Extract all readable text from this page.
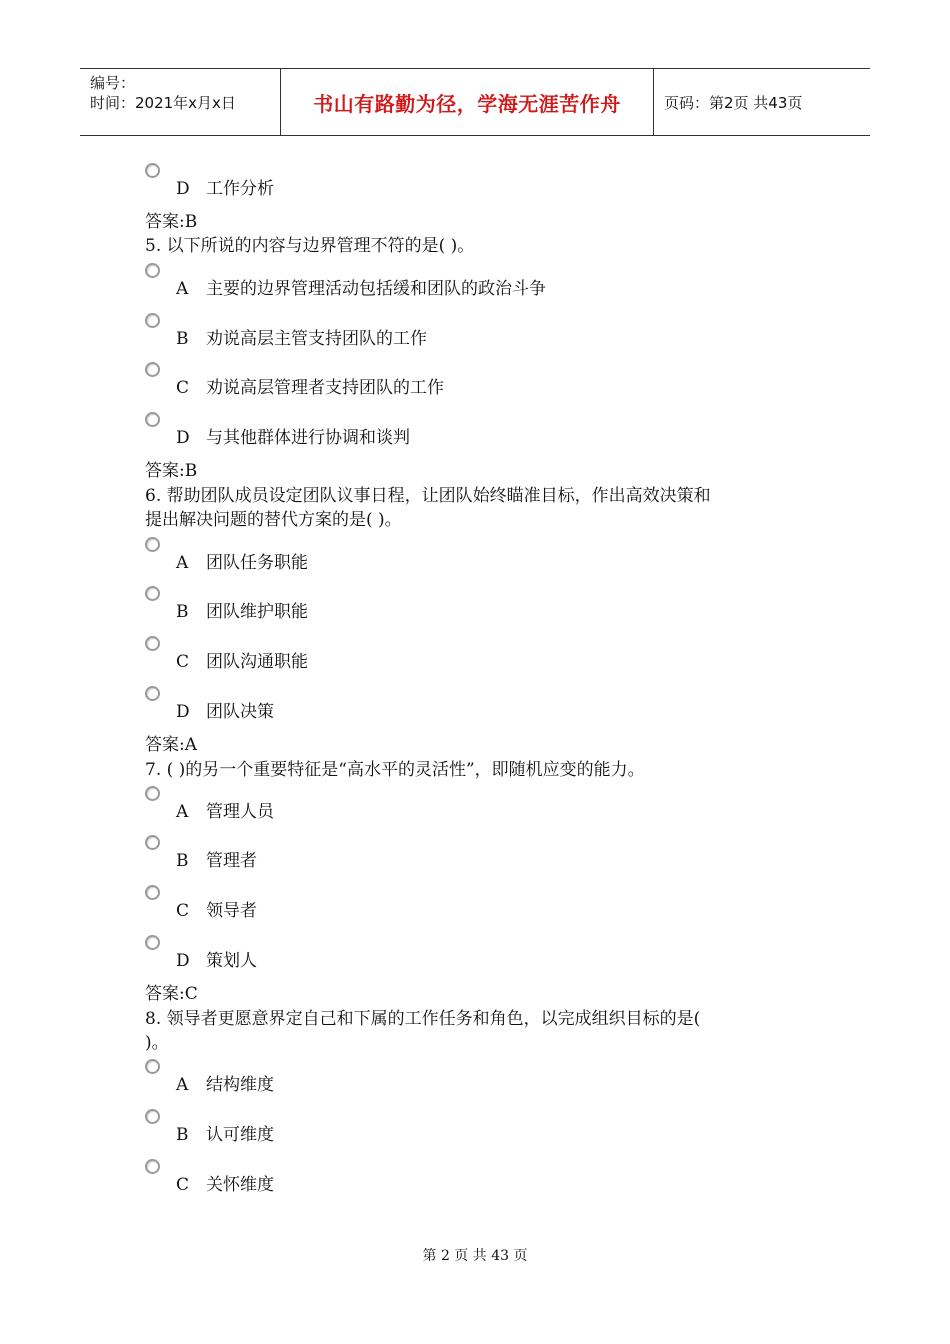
编号：
时间：2021年x月x日	书山有路勤为径，学海无涯苦作舟	页码：第2页 共43页
D 工作分析
答案:B
5. 以下所说的内容与边界管理不符的是( )。
A 主要的边界管理活动包括缓和团队的政治斗争
B 劝说高层主管支持团队的工作
C 劝说高层管理者支持团队的工作
D 与其他群体进行协调和谈判
答案:B
6. 帮助团队成员设定团队议事日程，让团队始终瞄准目标，作出高效决策和
提出解决问题的替代方案的是( )。
A 团队任务职能
B 团队维护职能
C 团队沟通职能
D 团队决策
答案:A
7. ( )的另一个重要特征是“高水平的灵活性”，即随机应变的能力。
A 管理人员
B 管理者
C 领导者
D 策划人
答案:C
8. 领导者更愿意界定自己和下属的工作任务和角色，以完成组织目标的是(
)。
A 结构维度
B 认可维度
C 关怀维度
第 2 页 共 43 页
